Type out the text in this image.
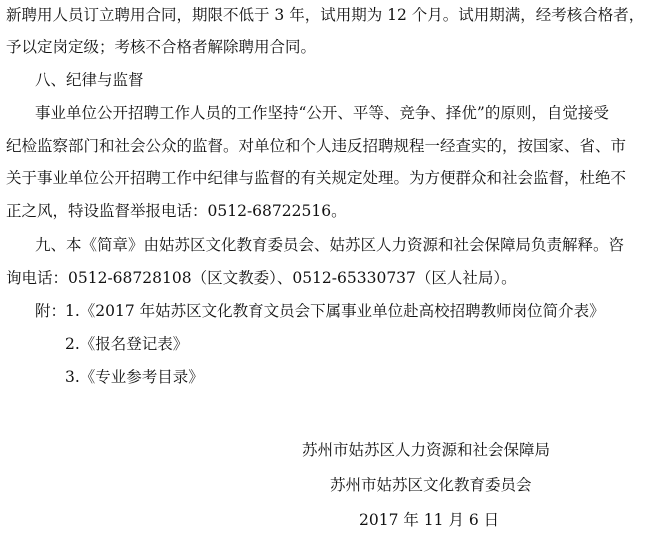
新聘用人员订立聘用合同，期限不低于 3 年，试用期为 12 个月。试用期满，经考核合格者，
予以定岗定级；考核不合格者解除聘用合同。
八、纪律与监督
事业单位公开招聘工作人员的工作坚持“公开、平等、竞争、择优”的原则，自觉接受
纪检监察部门和社会公众的监督。对单位和个人违反招聘规程一经查实的，按国家、省、市
关于事业单位公开招聘工作中纪律与监督的有关规定处理。为方便群众和社会监督，杜绝不
正之风，特设监督举报电话：0512-68722516。
九、本《简章》由姑苏区文化教育委员会、姑苏区人力资源和社会保障局负责解释。咨
询电话：0512-68728108（区文教委）、0512-65330737（区人社局）。
附：
1.《2017 年姑苏区文化教育文员会下属事业单位赴高校招聘教师岗位简介表》
2.《报名登记表》
3.《专业参考目录》
苏州市姑苏区人力资源和社会保障局
苏州市姑苏区文化教育委员会
2017 年 11 月 6 日
